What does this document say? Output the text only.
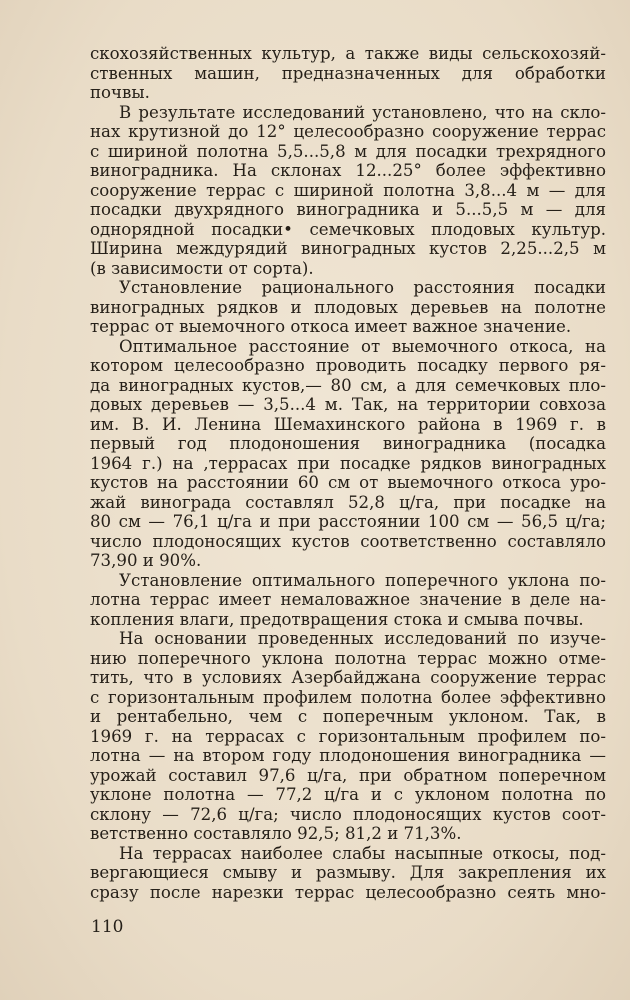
скохозяйственных культур, а также виды сельскохозяй-
ственных машин, предназначенных для обработки
почвы.
В результате исследований установлено, что на скло-
нах крутизной до 12° целесообразно сооружение террас
с шириной полотна 5,5...5,8 м для посадки трехрядного
виноградника. На склонах 12...25° более эффективно
сооружение террас с шириной полотна 3,8...4 м — для
посадки двухрядного виноградника и 5...5,5 м — для
однорядной посадки• семечковых плодовых культур.
Ширина междурядий виноградных кустов 2,25...2,5 м
(в зависимости от сорта).
Установление рационального расстояния посадки
виноградных рядков и плодовых деревьев на полотне
террас от выемочного откоса имеет важное значение.
Оптимальное расстояние от выемочного откоса, на
котором целесообразно проводить посадку первого ря-
да виноградных кустов,— 80 см, а для семечковых пло-
довых деревьев — 3,5...4 м. Так, на территории совхоза
им. В. И. Ленина Шемахинского района в 1969 г. в
первый год плодоношения виноградника (посадка
1964 г.) на ,террасах при посадке рядков виноградных
кустов на расстоянии 60 см от выемочного откоса уро-
жай винограда составлял 52,8 ц/га, при посадке на
80 см — 76,1 ц/га и при расстоянии 100 см — 56,5 ц/га;
число плодоносящих кустов соответственно составляло
73,90 и 90%.
Установление оптимального поперечного уклона по-
лотна террас имеет немаловажное значение в деле на-
копления влаги, предотвращения стока и смыва почвы.
На основании проведенных исследований по изуче-
нию поперечного уклона полотна террас можно отме-
тить, что в условиях Азербайджана сооружение террас
с горизонтальным профилем полотна более эффективно
и рентабельно, чем с поперечным уклоном. Так, в
1969 г. на террасах с горизонтальным профилем по-
лотна — на втором году плодоношения виноградника —
урожай составил 97,6 ц/га, при обратном поперечном
уклоне полотна — 77,2 ц/га и с уклоном полотна по
склону — 72,6 ц/га; число плодоносящих кустов соот-
ветственно составляло 92,5; 81,2 и 71,3%.
На террасах наиболее слабы насыпные откосы, под-
вергающиеся смыву и размыву. Для закрепления их
сразу после нарезки террас целесообразно сеять мно-
110
